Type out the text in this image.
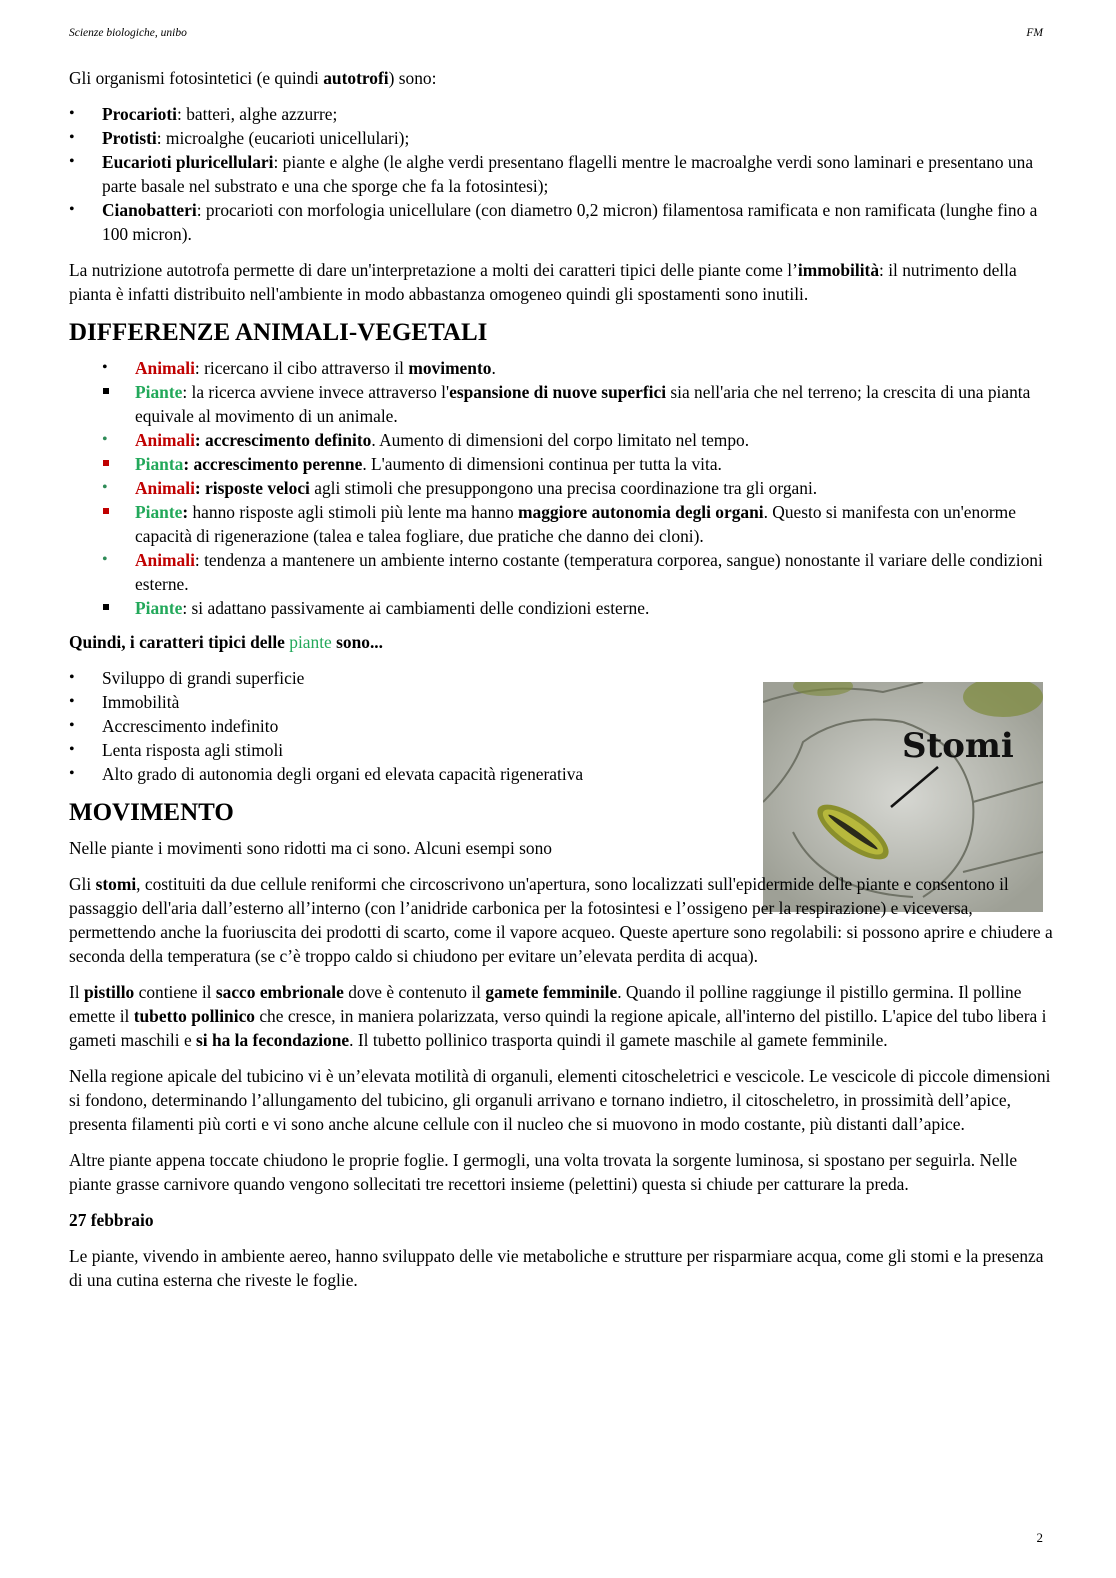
Scienze biologiche, unibo	FM
Stomi

Gli organismi fotosintetici (e quindi autotrofi) sono:

• Procarioti: batteri, alghe azzurre;
• Protisti: microalghe (eucarioti unicellulari);
• Eucarioti pluricellulari: piante e alghe (le alghe verdi presentano flagelli mentre le macroalghe verdi sono laminari e presentano una parte basale nel substrato e una che sporge che fa la fotosintesi);
• Cianobatteri: procarioti con morfologia unicellulare (con diametro 0,2 micron) filamentosa ramificata e non ramificata (lunghe fino a 100 micron).

La nutrizione autotrofa permette di dare un'interpretazione a molti dei caratteri tipici delle piante come l’immobilità: il nutrimento della pianta è infatti distribuito nell'ambiente in modo abbastanza omogeneo quindi gli spostamenti sono inutili.

DIFFERENZE ANIMALI-VEGETALI
• Animali: ricercano il cibo attraverso il movimento.
Piante: la ricerca avviene invece attraverso l'espansione di nuove superfici sia nell'aria che nel terreno; la crescita di una pianta equivale al movimento di un animale.
• Animali: accrescimento definito. Aumento di dimensioni del corpo limitato nel tempo.
Pianta: accrescimento perenne. L'aumento di dimensioni continua per tutta la vita.
• Animali: risposte veloci agli stimoli che presuppongono una precisa coordinazione tra gli organi.
Piante: hanno risposte agli stimoli più lente ma hanno maggiore autonomia degli organi. Questo si manifesta con un'enorme capacità di rigenerazione (talea e talea fogliare, due pratiche che danno dei cloni).
• Animali: tendenza a mantenere un ambiente interno costante (temperatura corporea, sangue) nonostante il variare delle condizioni esterne.
Piante: si adattano passivamente ai cambiamenti delle condizioni esterne.

Quindi, i caratteri tipici delle piante sono...

• Sviluppo di grandi superficie
• Immobilità
• Accrescimento indefinito
• Lenta risposta agli stimoli
• Alto grado di autonomia degli organi ed elevata capacità rigenerativa
MOVIMENTO

Nelle piante i movimenti sono ridotti ma ci sono. Alcuni esempi sono

Gli stomi, costituiti da due cellule reniformi che circoscrivono un'apertura, sono localizzati sull'epidermide delle piante e consentono il passaggio dell'aria dall’esterno all’interno (con l’anidride carbonica per la fotosintesi e l’ossigeno per la respirazione) e viceversa, permettendo anche la fuoriuscita dei prodotti di scarto, come il vapore acqueo. Queste aperture sono regolabili: si possono aprire e chiudere a seconda della temperatura (se c’è troppo caldo si chiudono per evitare un’elevata perdita di acqua).

Il pistillo contiene il sacco embrionale dove è contenuto il gamete femminile. Quando il polline raggiunge il pistillo germina. Il polline emette il tubetto pollinico che cresce, in maniera polarizzata, verso quindi la regione apicale, all'interno del pistillo. L'apice del tubo libera i gameti maschili e si ha la fecondazione. Il tubetto pollinico trasporta quindi il gamete maschile al gamete femminile.

Nella regione apicale del tubicino vi è un’elevata motilità di organuli, elementi citoscheletrici e vescicole. Le vescicole di piccole dimensioni si fondono, determinando l’allungamento del tubicino, gli organuli arrivano e tornano indietro, il citoscheletro, in prossimità dell’apice, presenta filamenti più corti e vi sono anche alcune cellule con il nucleo che si muovono in modo costante, più distanti dall’apice.

Altre piante appena toccate chiudono le proprie foglie. I germogli, una volta trovata la sorgente luminosa, si spostano per seguirla. Nelle piante grasse carnivore quando vengono sollecitati tre recettori insieme (pelettini) questa si chiude per catturare la preda.

27 febbraio

Le piante, vivendo in ambiente aereo, hanno sviluppato delle vie metaboliche e strutture per risparmiare acqua, come gli stomi e la presenza di una cutina esterna che riveste le foglie.

2
